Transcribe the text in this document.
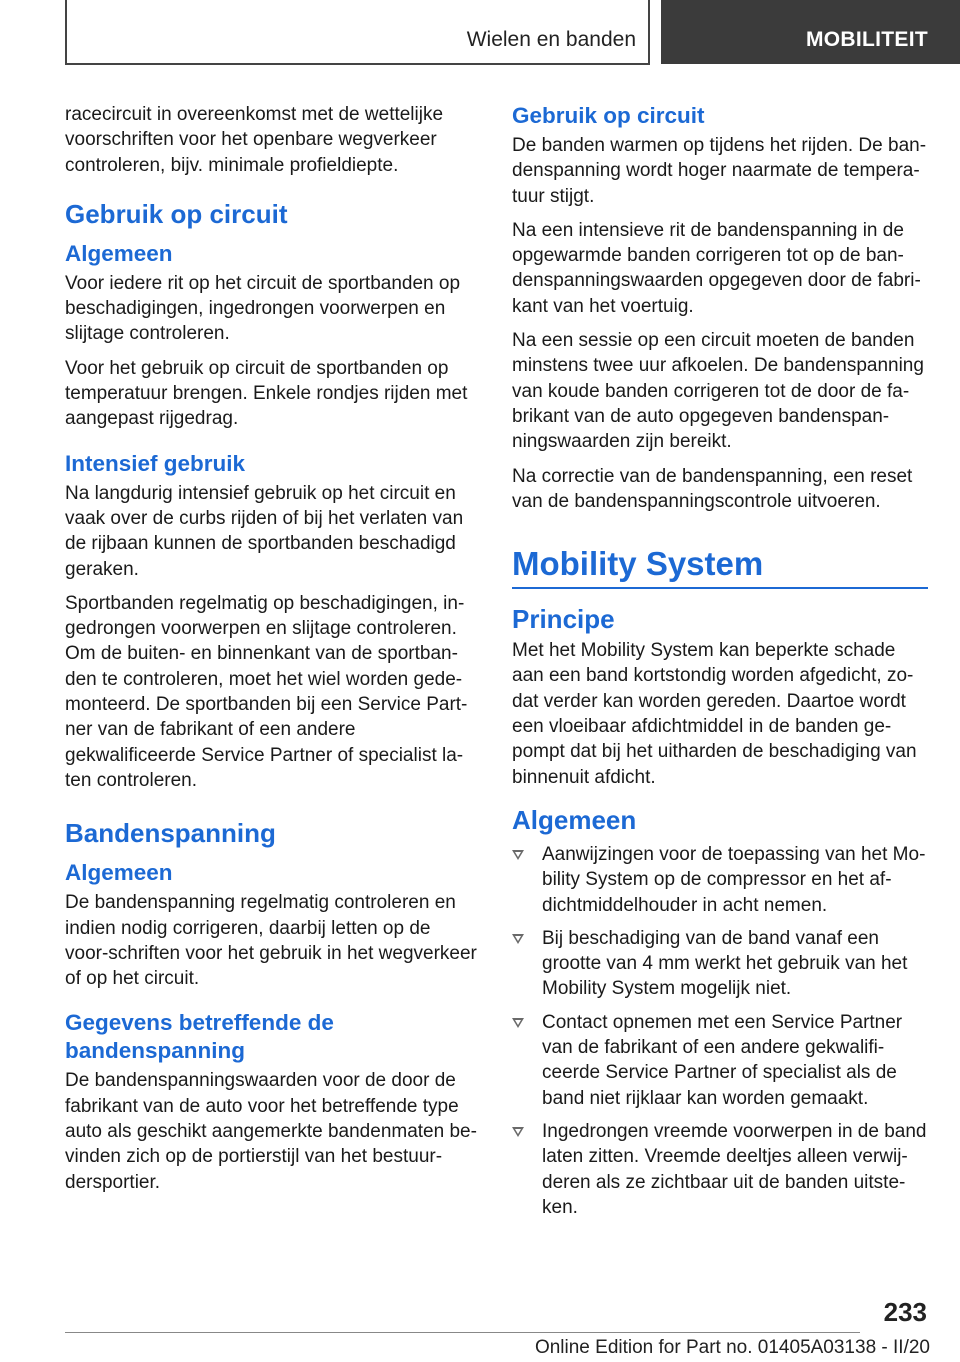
Wielen en banden	MOBILITEIT

racecircuit in overeenkomst met de wettelijke voorschriften voor het openbare wegverkeer controleren, bijv. minimale profieldiepte.

Gebruik op circuit
Algemeen

Voor iedere rit op het circuit de sportbanden op beschadigingen, ingedrongen voorwerpen en slijtage controleren.

Voor het gebruik op circuit de sportbanden op temperatuur brengen. Enkele rondjes rijden met aangepast rijgedrag.

Intensief gebruik

Na langdurig intensief gebruik op het circuit en vaak over de curbs rijden of bij het verlaten van de rijbaan kunnen de sportbanden beschadigd geraken.

Sportbanden regelmatig op beschadigingen, in-gedrongen voorwerpen en slijtage controleren. Om de buiten- en binnenkant van de sportban-den te controleren, moet het wiel worden gede-monteerd. De sportbanden bij een Service Part-ner van de fabrikant of een andere gekwalificeerde Service Partner of specialist la-ten controleren.

Bandenspanning
Algemeen

De bandenspanning regelmatig controleren en indien nodig corrigeren, daarbij letten op de voor-schriften voor het gebruik in het wegverkeer of op het circuit.

Gegevens betreffende de bandenspanning

De bandenspanningswaarden voor de door de fabrikant van de auto voor het betreffende type auto als geschikt aangemerkte bandenmaten be-vinden zich op de portierstijl van het bestuur-dersportier.

Gebruik op circuit

De banden warmen op tijdens het rijden. De ban-denspanning wordt hoger naarmate de tempera-tuur stijgt.

Na een intensieve rit de bandenspanning in de opgewarmde banden corrigeren tot op de ban-denspanningswaarden opgegeven door de fabri-kant van het voertuig.

Na een sessie op een circuit moeten de banden minstens twee uur afkoelen. De bandenspanning van koude banden corrigeren tot de door de fa-brikant van de auto opgegeven bandenspan-ningswaarden zijn bereikt.

Na correctie van de bandenspanning, een reset van de bandenspanningscontrole uitvoeren.

Mobility System
Principe

Met het Mobility System kan beperkte schade aan een band kortstondig worden afgedicht, zo-dat verder kan worden gereden. Daartoe wordt een vloeibaar afdichtmiddel in de banden ge-pompt dat bij het uitharden de beschadiging van binnenuit afdicht.

Algemeen
Aanwijzingen voor de toepassing van het Mo-bility System op de compressor en het af-dichtmiddelhouder in acht nemen.
Bij beschadiging van de band vanaf een grootte van 4 mm werkt het gebruik van het Mobility System mogelijk niet.
Contact opnemen met een Service Partner van de fabrikant of een andere gekwalifi-ceerde Service Partner of specialist als de band niet rijklaar kan worden gemaakt.
Ingedrongen vreemde voorwerpen in de band laten zitten. Vreemde deeltjes alleen verwij-deren als ze zichtbaar uit de banden uitste-ken.
233
Online Edition for Part no. 01405A03138 - II/20
